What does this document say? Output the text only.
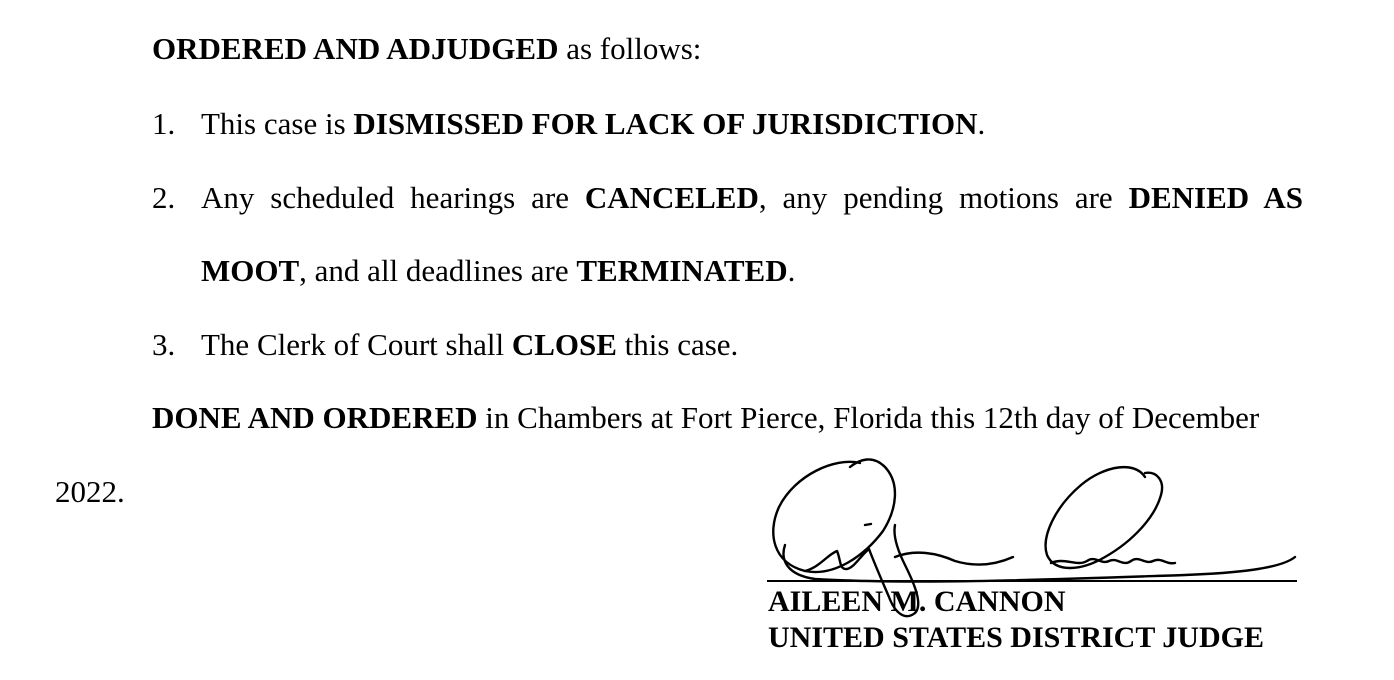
ORDERED AND ADJUDGED as follows:
1. This case is DISMISSED FOR LACK OF JURISDICTION.
2. Any scheduled hearings are CANCELED, any pending motions are DENIED AS
MOOT, and all deadlines are TERMINATED.
3. The Clerk of Court shall CLOSE this case.
DONE AND ORDERED in Chambers at Fort Pierce, Florida this 12th day of December
2022.
AILEEN M. CANNON
UNITED STATES DISTRICT JUDGE
